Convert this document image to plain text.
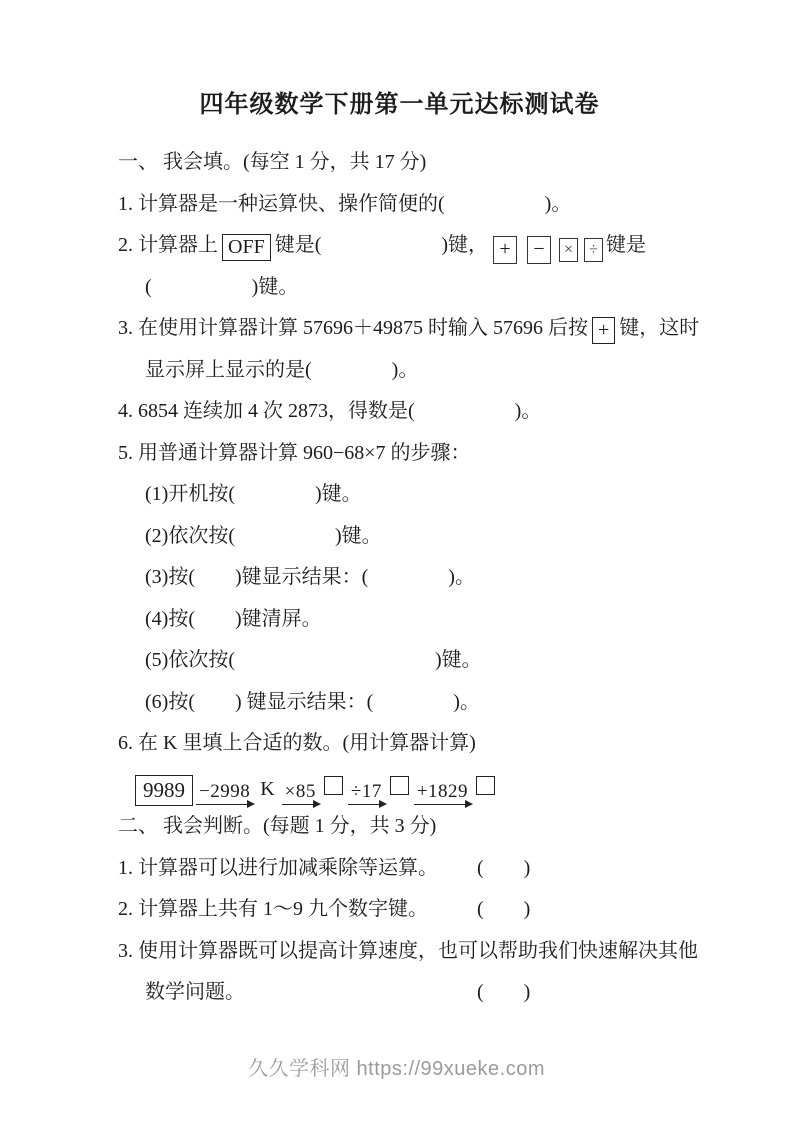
四年级数学下册第一单元达标测试卷
一、 我会填。(每空 1 分，共 17 分)
1. 计算器是一种运算快、操作简便的(　　　　　)。
2. 计算器上 OFF 键是(　　　　　　)键， + − × ÷ 键是
(　　　　　)键。
3. 在使用计算器计算 57696＋49875 时输入 57696 后按 + 键，这时
显示屏上显示的是(　　　　)。
4. 6854 连续加 4 次 2873，得数是(　　　　　)。
5. 用普通计算器计算 960−68×7 的步骤：
(1)开机按(　　　　)键。
(2)依次按(　　　　　)键。
(3)按(　　)键显示结果：(　　　　)。
(4)按(　　)键清屏。
(5)依次按(　　　　　　　　　　)键。
(6)按(　　) 键显示结果：(　　　　)。
6. 在 K 里填上合适的数。(用计算器计算)
9989 −2998 K ×85 ÷17 +1829
二、 我会判断。(每题 1 分，共 3 分)
1. 计算器可以进行加减乘除等运算。 (　　)
2. 计算器上共有 1～9 九个数字键。 (　　)
3. 使用计算器既可以提高计算速度，也可以帮助我们快速解决其他
数学问题。	(　　)
久久学科网 https://99xueke.com
